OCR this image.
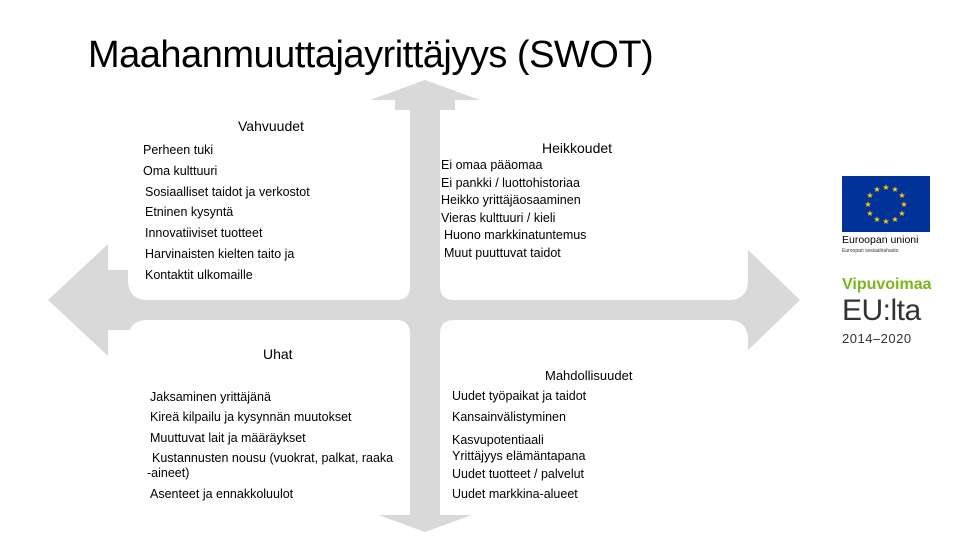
Maahanmuuttajayrittäjyys (SWOT)
Vahvuudet
Perheen tuki
Oma kulttuuri
Sosiaalliset taidot ja verkostot
Etninen kysyntä
Innovatiiviset tuotteet
Harvinaisten kielten taito ja
Kontaktit ulkomaille
Heikkoudet
Ei omaa pääomaa
Ei pankki / luottohistoriaa
Heikko yrittäjäosaaminen
Vieras kulttuuri / kieli
Huono markkinatuntemus
Muut puuttuvat taidot
Uhat
Jaksaminen yrittäjänä
Kireä kilpailu ja kysynnän muutokset
Muuttuvat lait ja määräykset
Kustannusten nousu (vuokrat, palkat, raaka
-aineet)
Asenteet ja ennakkoluulot
Mahdollisuudet
Uudet työpaikat ja taidot
Kansainvälistyminen
Kasvupotentiaali
Yrittäjyys elämäntapana
Uudet tuotteet / palvelut
Uudet markkina-alueet
★ ★
★
★
★
★
★
★
★
★
★
★
Euroopan unioni
Euroopan sosiaalirahasto
Vipuvoimaa
EU:lta
2014–2020
